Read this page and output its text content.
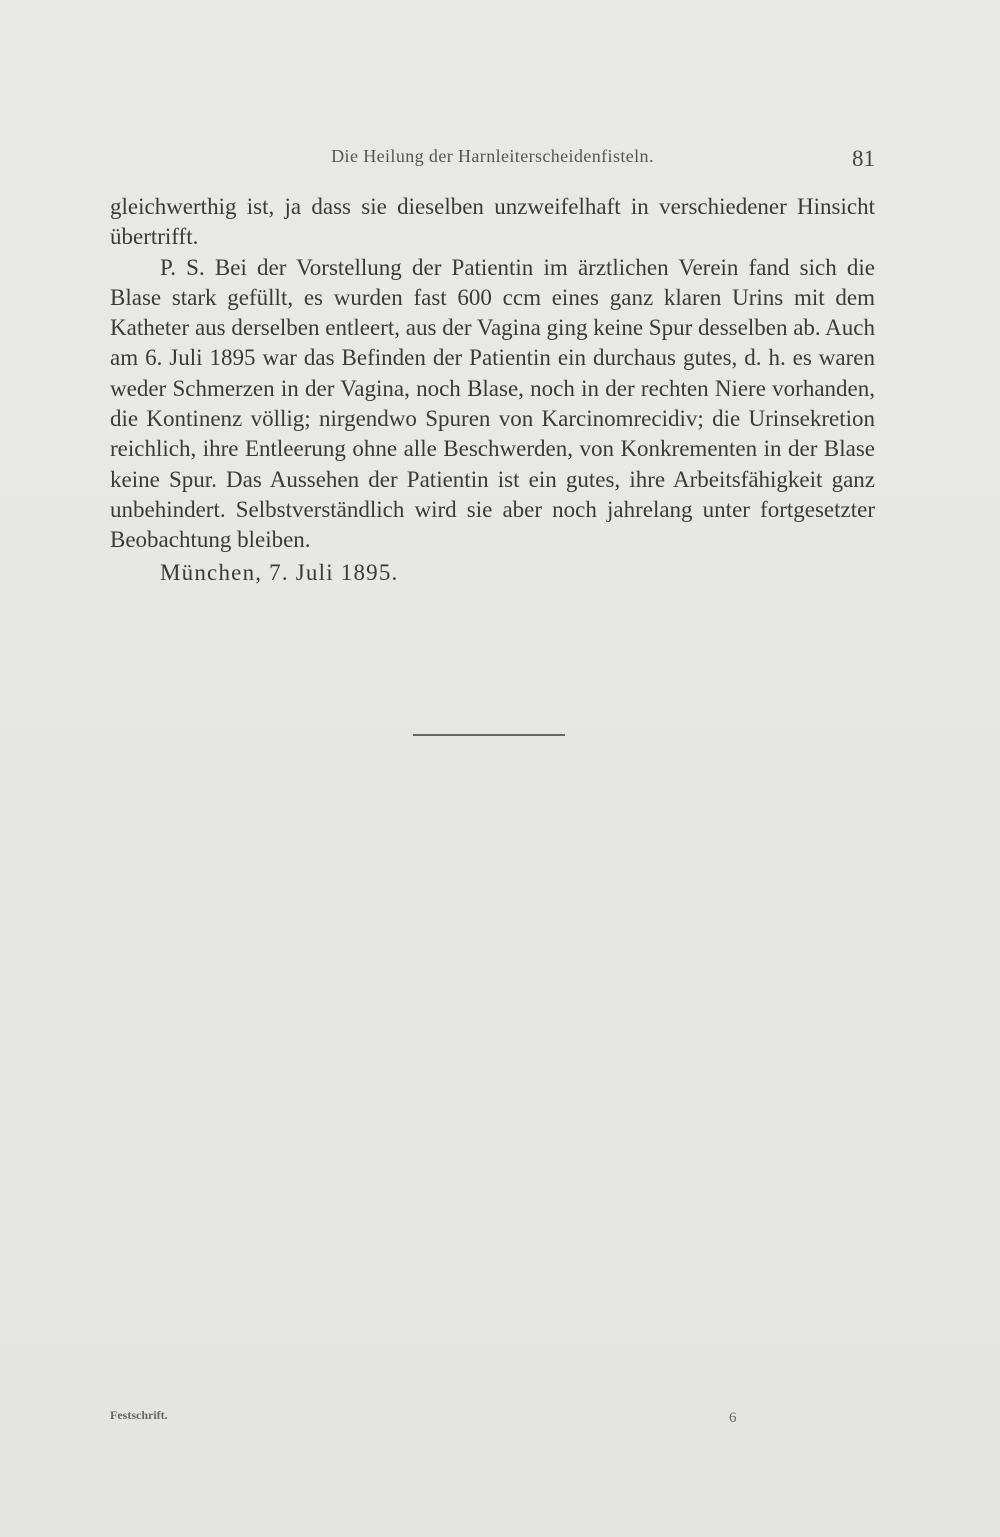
Die Heilung der Harnleiterscheidenfisteln.	81

gleichwerthig ist, ja dass sie dieselben unzweifelhaft in verschiedener Hinsicht übertrifft.

P. S. Bei der Vorstellung der Patientin im ärztlichen Verein fand sich die Blase stark gefüllt, es wurden fast 600 ccm eines ganz klaren Urins mit dem Katheter aus derselben entleert, aus der Vagina ging keine Spur desselben ab. Auch am 6. Juli 1895 war das Befinden der Patientin ein durchaus gutes, d. h. es waren weder Schmerzen in der Vagina, noch Blase, noch in der rechten Niere vorhanden, die Kontinenz völlig; nirgendwo Spuren von Karcinomrecidiv; die Urinsekretion reichlich, ihre Entleerung ohne alle Beschwerden, von Konkrementen in der Blase keine Spur. Das Aussehen der Patientin ist ein gutes, ihre Arbeitsfähigkeit ganz unbehindert. Selbstverständlich wird sie aber noch jahrelang unter fortgesetzter Beobachtung bleiben.

München, 7. Juli 1895.

Festschrift.	6
